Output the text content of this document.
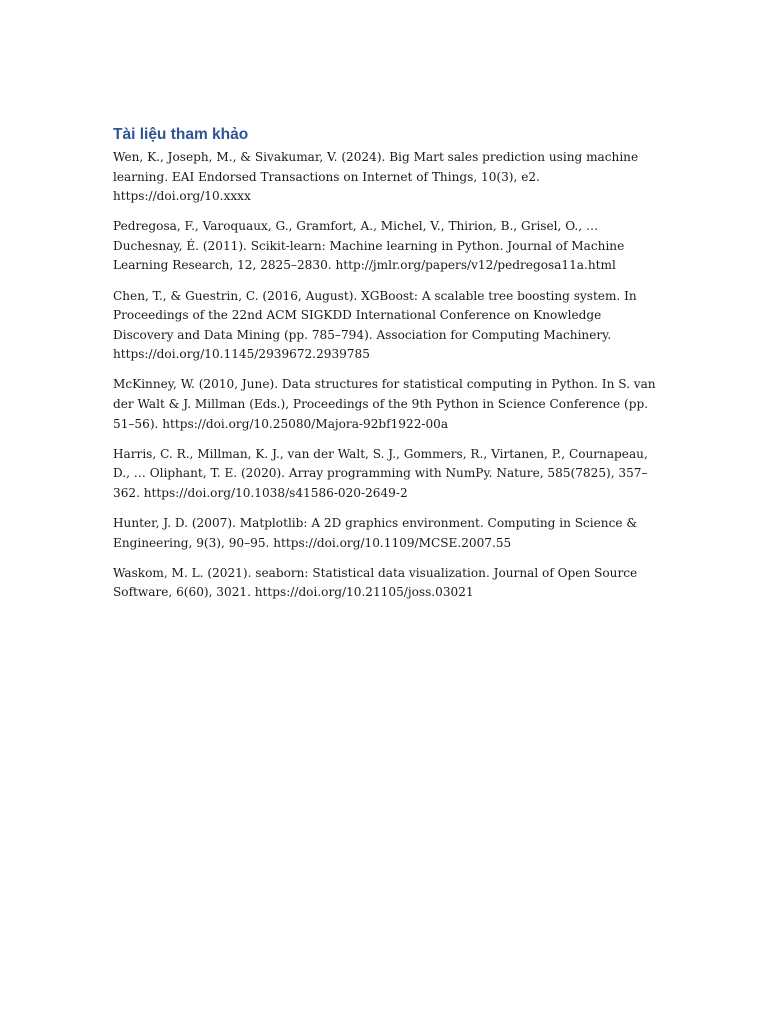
Tài liệu tham khảo
Wen, K., Joseph, M., & Sivakumar, V. (2024). Big Mart sales prediction using machine learning. EAI Endorsed Transactions on Internet of Things, 10(3), e2. https://doi.org/10.xxxx
Pedregosa, F., Varoquaux, G., Gramfort, A., Michel, V., Thirion, B., Grisel, O., … Duchesnay, É. (2011). Scikit-learn: Machine learning in Python. Journal of Machine Learning Research, 12, 2825–2830. http://jmlr.org/papers/v12/pedregosa11a.html
Chen, T., & Guestrin, C. (2016, August). XGBoost: A scalable tree boosting system. In Proceedings of the 22nd ACM SIGKDD International Conference on Knowledge Discovery and Data Mining (pp. 785–794). Association for Computing Machinery. https://doi.org/10.1145/2939672.2939785
McKinney, W. (2010, June). Data structures for statistical computing in Python. In S. van der Walt & J. Millman (Eds.), Proceedings of the 9th Python in Science Conference (pp. 51–56). https://doi.org/10.25080/Majora-92bf1922-00a
Harris, C. R., Millman, K. J., van der Walt, S. J., Gommers, R., Virtanen, P., Cournapeau, D., … Oliphant, T. E. (2020). Array programming with NumPy. Nature, 585(7825), 357–362. https://doi.org/10.1038/s41586-020-2649-2
Hunter, J. D. (2007). Matplotlib: A 2D graphics environment. Computing in Science & Engineering, 9(3), 90–95. https://doi.org/10.1109/MCSE.2007.55
Waskom, M. L. (2021). seaborn: Statistical data visualization. Journal of Open Source Software, 6(60), 3021. https://doi.org/10.21105/joss.03021
